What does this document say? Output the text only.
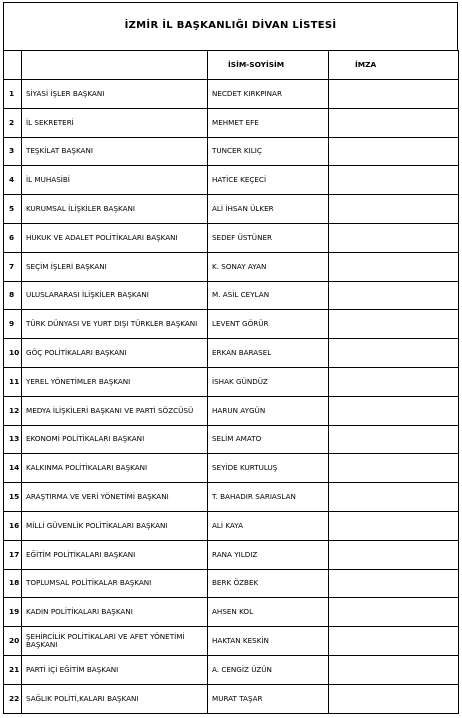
İZMİR İL BAŞKANLIĞI DİVAN LİSTESİ
		İSİM-SOYİSİM	İMZA
1	SİYASİ İŞLER BAŞKANI	NECDET KIRKPINAR	
2	İL SEKRETERİ	MEHMET EFE	
3	TEŞKİLAT BAŞKANI	TUNCER KILIÇ	
4	İL MUHASİBİ	HATİCE KEÇECİ	
5	KURUMSAL İLİŞKİLER BAŞKANI	ALİ İHSAN ÜLKER	
6	HUKUK VE ADALET POLİTİKALARI BAŞKANI	SEDEF ÜSTÜNER	
7	SEÇİM İŞLERİ BAŞKANI	K. SONAY AYAN	
8	ULUSLARARASI İLİŞKİLER BAŞKANI	M. ASİL CEYLAN	
9	TÜRK DÜNYASI VE YURT DIŞI TÜRKLER BAŞKANI	LEVENT GÖRÜR	
10	GÖÇ POLİTİKALARI BAŞKANI	ERKAN BARASEL	
11	YEREL YÖNETİMLER BAŞKANI	İSHAK GÜNDÜZ	
12	MEDYA İLİŞKİLERİ BAŞKANI VE PARTİ SÖZCÜSÜ	HARUN AYGÜN	
13	EKONOMİ POLİTİKALARI BAŞKANI	SELİM AMATO	
14	KALKINMA POLİTİKALARI BAŞKANI	SEYİDE KURTULUŞ	
15	ARAŞTIRMA VE VERİ YÖNETİMİ BAŞKANI	T. BAHADIR SARIASLAN	
16	MİLLİ GÜVENLİK POLİTİKALARI BAŞKANI	ALİ KAYA	
17	EĞİTİM POLİTİKALARI BAŞKANI	RANA YILDIZ	
18	TOPLUMSAL POLİTİKALAR BAŞKANI	BERK ÖZBEK	
19	KADIN POLİTİKALARI BAŞKANI	AHSEN KOL	
20	ŞEHİRCİLİK POLİTİKALARI VE AFET YÖNETİMİ BAŞKANI	HAKTAN KESKİN	
21	PARTİ İÇİ EĞİTİM BAŞKANI	A. CENGİZ ÜZÜN	
22	SAĞLIK POLİTİ,KALARI BAŞKANI	MURAT TAŞAR	
